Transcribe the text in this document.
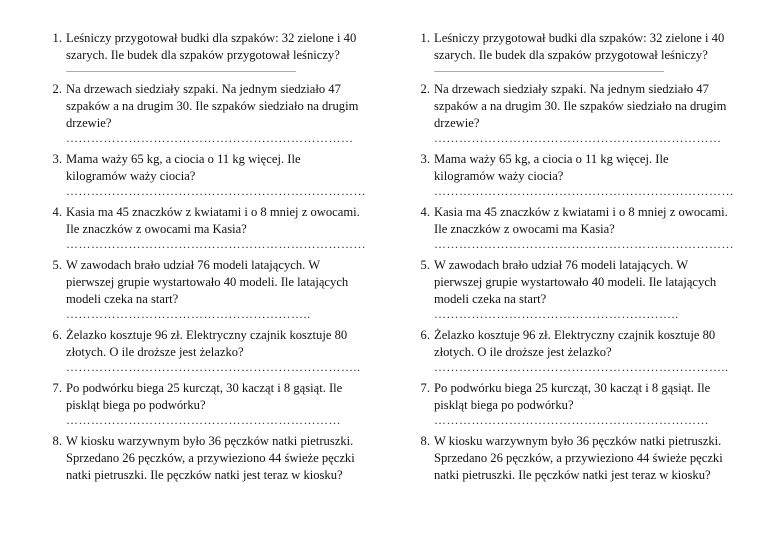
1. Leśniczy przygotował budki dla szpaków: 32 zielone i 40
szarych. Ile budek dla szpaków przygotował leśniczy?
...................................................................................................................
2. Na drzewach siedziały szpaki. Na jednym siedziało 47
szpaków a na drugim 30. Ile szpaków siedziało na drugim
drzewie?
……………………………………………………………
3. Mama waży 65 kg, a ciocia o 11 kg więcej. Ile
kilogramów waży ciocia?
………………………………………………………………
4. Kasia ma 45 znaczków z kwiatami i o 8 mniej z owocami.
Ile znaczków z owocami ma Kasia?
………………………………………………………………
5. W zawodach brało udział 76 modeli latających. W
pierwszej grupie wystartowało 40 modeli. Ile latających
modeli czeka na start?
…………………………………………………..
6. Żelazko kosztuje 96 zł. Elektryczny czajnik kosztuje 80
złotych. O ile droższe jest żelazko?
……………………………………………………………..
7. Po podwórku biega 25 kurcząt, 30 kacząt i 8 gąsiąt. Ile
piskląt biega po podwórku?
…………………………………………………………
8. W kiosku warzywnym było 36 pęczków natki pietruszki.
Sprzedano 26 pęczków, a przywieziono 44 świeże pęczki
natki pietruszki. Ile pęczków natki jest teraz w kiosku?
1. Leśniczy przygotował budki dla szpaków: 32 zielone i 40
szarych. Ile budek dla szpaków przygotował leśniczy?
...................................................................................................................
2. Na drzewach siedziały szpaki. Na jednym siedziało 47
szpaków a na drugim 30. Ile szpaków siedziało na drugim
drzewie?
……………………………………………………………
3. Mama waży 65 kg, a ciocia o 11 kg więcej. Ile
kilogramów waży ciocia?
………………………………………………………………
4. Kasia ma 45 znaczków z kwiatami i o 8 mniej z owocami.
Ile znaczków z owocami ma Kasia?
………………………………………………………………
5. W zawodach brało udział 76 modeli latających. W
pierwszej grupie wystartowało 40 modeli. Ile latających
modeli czeka na start?
…………………………………………………..
6. Żelazko kosztuje 96 zł. Elektryczny czajnik kosztuje 80
złotych. O ile droższe jest żelazko?
……………………………………………………………..
7. Po podwórku biega 25 kurcząt, 30 kacząt i 8 gąsiąt. Ile
piskląt biega po podwórku?
…………………………………………………………
8. W kiosku warzywnym było 36 pęczków natki pietruszki.
Sprzedano 26 pęczków, a przywieziono 44 świeże pęczki
natki pietruszki. Ile pęczków natki jest teraz w kiosku?
